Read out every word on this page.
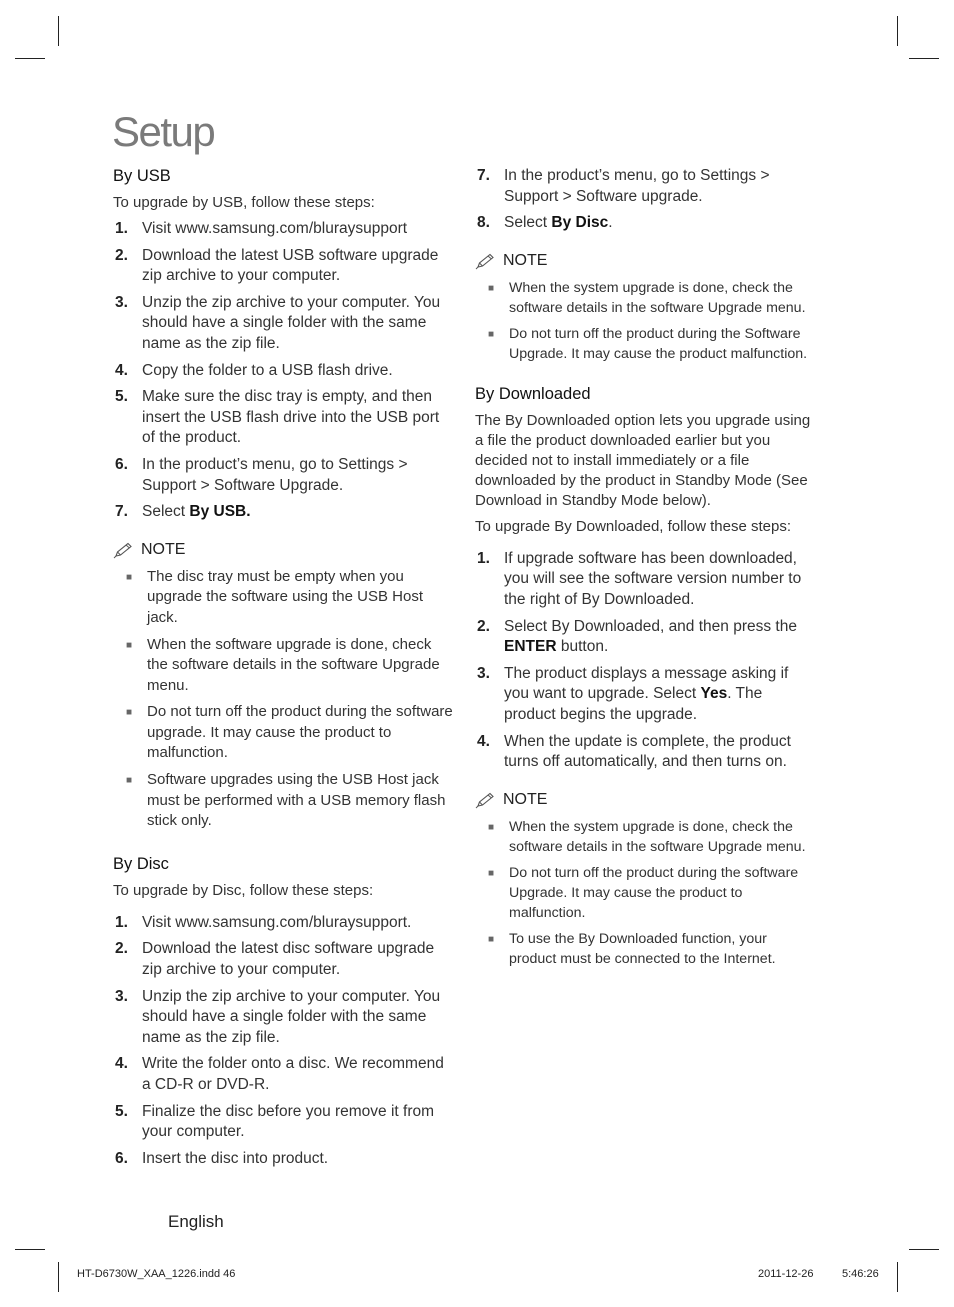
Setup
By USB

To upgrade by USB, follow these steps:

1. Visit www.samsung.com/bluraysupport
2. Download the latest USB software upgrade zip archive to your computer.
3. Unzip the zip archive to your computer. You should have a single folder with the same name as the zip file.
4. Copy the folder to a USB flash drive.
5. Make sure the disc tray is empty, and then insert the USB flash drive into the USB port of the product.
6. In the product’s menu, go to Settings > Support > Software Upgrade.
7. Select By USB.
NOTE
■ The disc tray must be empty when you upgrade the software using the USB Host jack.
■ When the software upgrade is done, check the software details in the software Upgrade menu.
■ Do not turn off the product during the software upgrade. It may cause the product to malfunction.
■ Software upgrades using the USB Host jack must be performed with a USB memory flash stick only.
By Disc

To upgrade by Disc, follow these steps:

1. Visit www.samsung.com/bluraysupport.
2. Download the latest disc software upgrade zip archive to your computer.
3. Unzip the zip archive to your computer. You should have a single folder with the same name as the zip file.
4. Write the folder onto a disc. We recommend a CD-R or DVD-R.
5. Finalize the disc before you remove it from your computer.
6. Insert the disc into product.
7. In the product’s menu, go to Settings > Support > Software upgrade.
8. Select By Disc.
NOTE
■	When the system upgrade is done, check the software details in the software Upgrade menu.
■	Do not turn off the product during the Software Upgrade. It may cause the product malfunction.
By Downloaded

The By Downloaded option lets you upgrade using a file the product downloaded earlier but you decided not to install immediately or a file downloaded by the product in Standby Mode (See Download in Standby Mode below).

To upgrade By Downloaded, follow these steps:

1. If upgrade software has been downloaded, you will see the software version number to the right of By Downloaded.
2. Select By Downloaded, and then press the ENTER button.
3. The product displays a message asking if you want to upgrade. Select Yes. The product begins the upgrade.
4. When the update is complete, the product turns off automatically, and then turns on.
NOTE
■	When the system upgrade is done, check the software details in the software Upgrade menu.
■	Do not turn off the product during the software Upgrade. It may cause the product to malfunction.
■	To use the By Downloaded function, your product must be connected to the Internet.
English
HT-D6730W_XAA_1226.indd 46	2011-12-26	5:46:26
